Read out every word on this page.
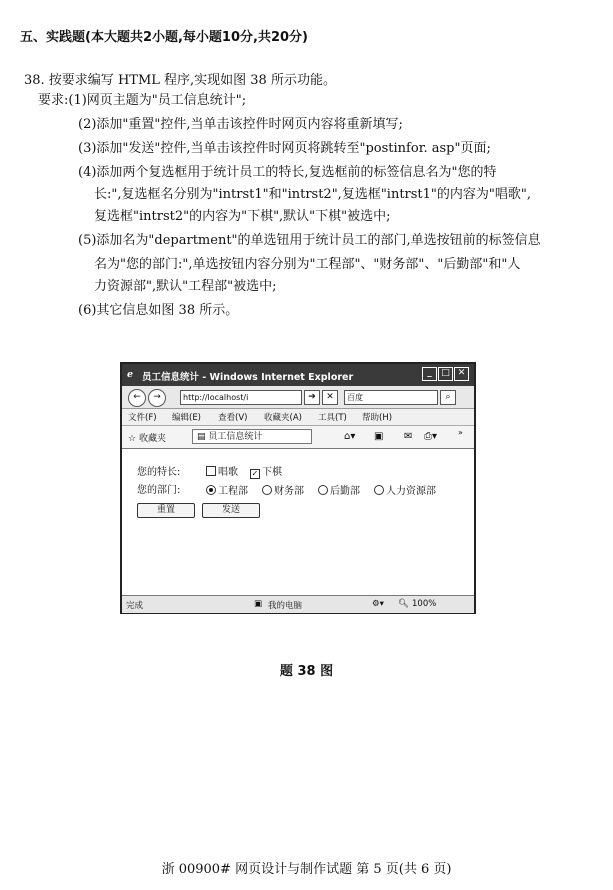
五、实践题(本大题共2小题,每小题10分,共20分)
38. 按要求编写 HTML 程序,实现如图 38 所示功能。
要求:(1)网页主题为"员工信息统计";
(2)添加"重置"控件,当单击该控件时网页内容将重新填写;
(3)添加"发送"控件,当单击该控件时网页将跳转至"postinfor. asp"页面;
(4)添加两个复选框用于统计员工的特长,复选框前的标签信息名为"您的特
长:",复选框名分别为"intrst1"和"intrst2",复选框"intrst1"的内容为"唱歌",
复选框"intrst2"的内容为"下棋",默认"下棋"被选中;
(5)添加名为"department"的单选钮用于统计员工的部门,单选按钮前的标签信息
名为"您的部门:",单选按钮内容分别为"工程部"、"财务部"、"后勤部"和"人
力资源部",默认"工程部"被选中;
(6)其它信息如图 38 所示。
ℯ 员工信息统计 - Windows Internet Explorer	_	□ ✕
←	→	http://localhost/i	➔	✕	百度	⌕
文件(F) 编辑(E) 查看(V) 收藏夹(A) 工具(T) 帮助(H)
☆ 收藏夹	▤ 员工信息统计	⌂▾ ▣ ✉ ⎙▾	»
您的特长:	唱歌 ✓ 下棋
您的部门:	工程部	财务部	后勤部	人力资源部
重置	发送
完成	▣ 我的电脑	⚙▾ 🔍︎ 100%
题 38 图
浙 00900# 网页设计与制作试题 第 5 页(共 6 页)
